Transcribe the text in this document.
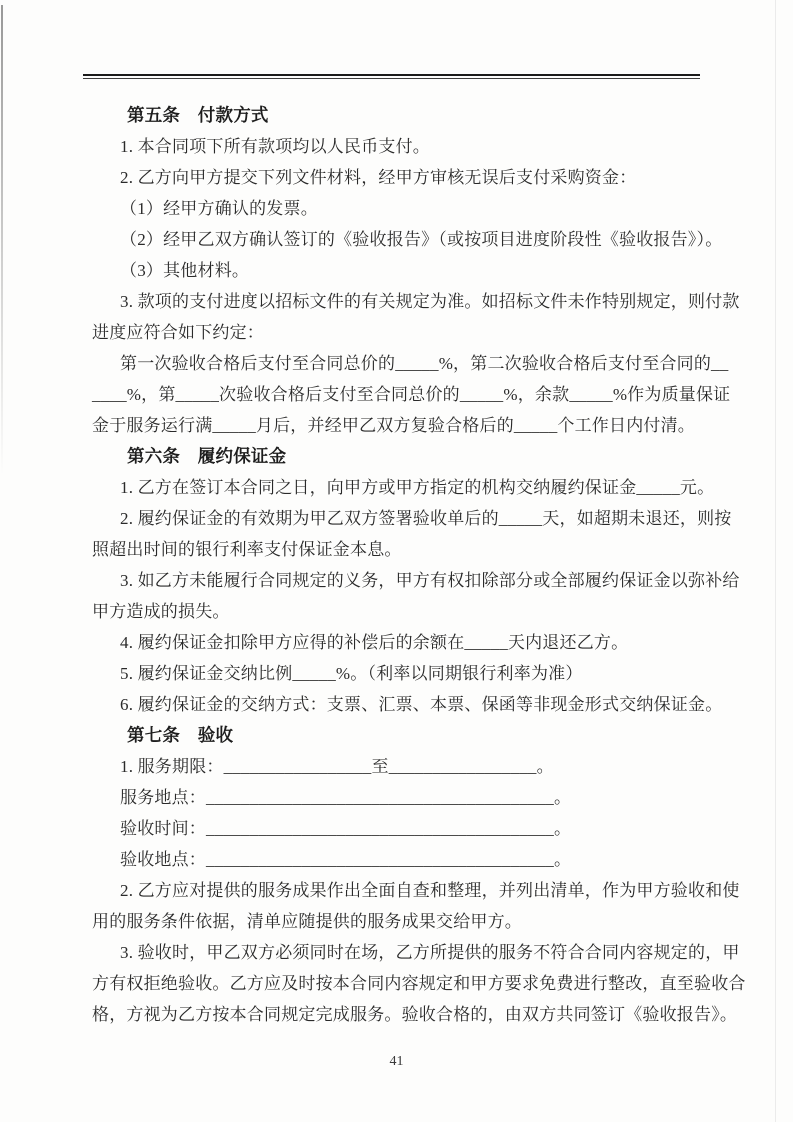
第五条　付款方式

1. 本合同项下所有款项均以人民币支付。

2. 乙方向甲方提交下列文件材料，经甲方审核无误后支付采购资金：

（1）经甲方确认的发票。

（2）经甲乙双方确认签订的《验收报告》（或按项目进度阶段性《验收报告》）。

（3）其他材料。

3. 款项的支付进度以招标文件的有关规定为准。如招标文件未作特别规定，则付款

进度应符合如下约定：

第一次验收合格后支付至合同总价的_____%，第二次验收合格后支付至合同的__

____%，第_____次验收合格后支付至合同总价的_____%，余款_____%作为质量保证

金于服务运行满_____月后，并经甲乙双方复验合格后的_____个工作日内付清。

第六条　履约保证金

1. 乙方在签订本合同之日，向甲方或甲方指定的机构交纳履约保证金_____元。

2. 履约保证金的有效期为甲乙双方签署验收单后的_____天，如超期未退还，则按

照超出时间的银行利率支付保证金本息。

3. 如乙方未能履行合同规定的义务，甲方有权扣除部分或全部履约保证金以弥补给

甲方造成的损失。

4. 履约保证金扣除甲方应得的补偿后的余额在_____天内退还乙方。

5. 履约保证金交纳比例_____%。（利率以同期银行利率为准）

6. 履约保证金的交纳方式：支票、汇票、本票、保函等非现金形式交纳保证金。

第七条　验收

1. 服务期限：_________________至_________________。

服务地点：________________________________________。

验收时间：________________________________________。

验收地点：________________________________________。

2. 乙方应对提供的服务成果作出全面自查和整理，并列出清单，作为甲方验收和使

用的服务条件依据，清单应随提供的服务成果交给甲方。

3. 验收时，甲乙双方必须同时在场，乙方所提供的服务不符合合同内容规定的，甲

方有权拒绝验收。乙方应及时按本合同内容规定和甲方要求免费进行整改，直至验收合

格，方视为乙方按本合同规定完成服务。验收合格的，由双方共同签订《验收报告》。

41
